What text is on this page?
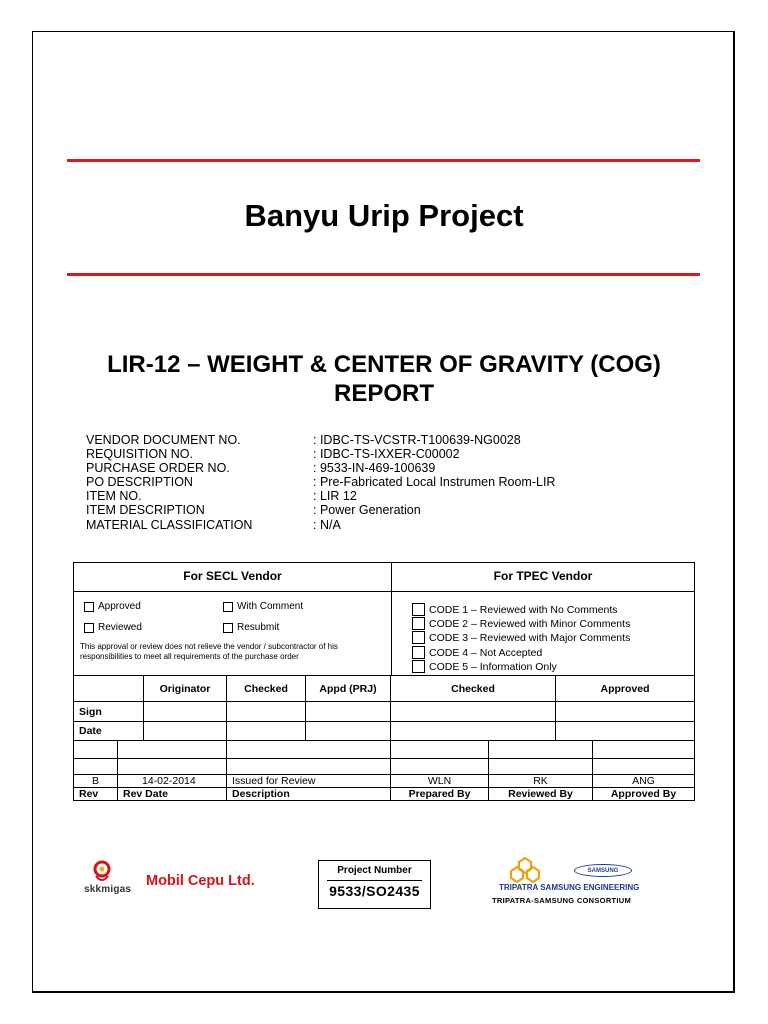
Banyu Urip Project
LIR-12 – WEIGHT & CENTER OF GRAVITY (COG)
REPORT
VENDOR DOCUMENT NO.	: IDBC-TS-VCSTR-T100639-NG0028
REQUISITION NO.	: IDBC-TS-IXXER-C00002
PURCHASE ORDER NO.	: 9533-IN-469-100639
PO DESCRIPTION	: Pre-Fabricated Local Instrumen Room-LIR
ITEM NO.	: LIR 12
ITEM DESCRIPTION	: Power Generation
MATERIAL CLASSIFICATION	: N/A
For SECL Vendor	For TPEC Vendor
Approved	With Comment
Reviewed	Resubmit
This approval or review does not relieve the vendor / subcontractor of his responsibilities to meet all requirements of the purchase order
CODE 1 – Reviewed with No Comments
CODE 2 – Reviewed with Minor Comments
CODE 3 – Reviewed with Major Comments
CODE 4 – Not Accepted
CODE 5 – Information Only
Originator	Checked	Appd (PRJ)	Checked	Approved
Sign
Date
B	14-02-2014	Issued for Review	WLN	RK	ANG
Rev	Rev Date	Description	Prepared By	Reviewed By	Approved By
skkmigas
Mobil Cepu Ltd.
Project Number
9533/SO2435
SAMSUNG
TRIPATRA SAMSUNG ENGINEERING
TRIPATRA-SAMSUNG CONSORTIUM
